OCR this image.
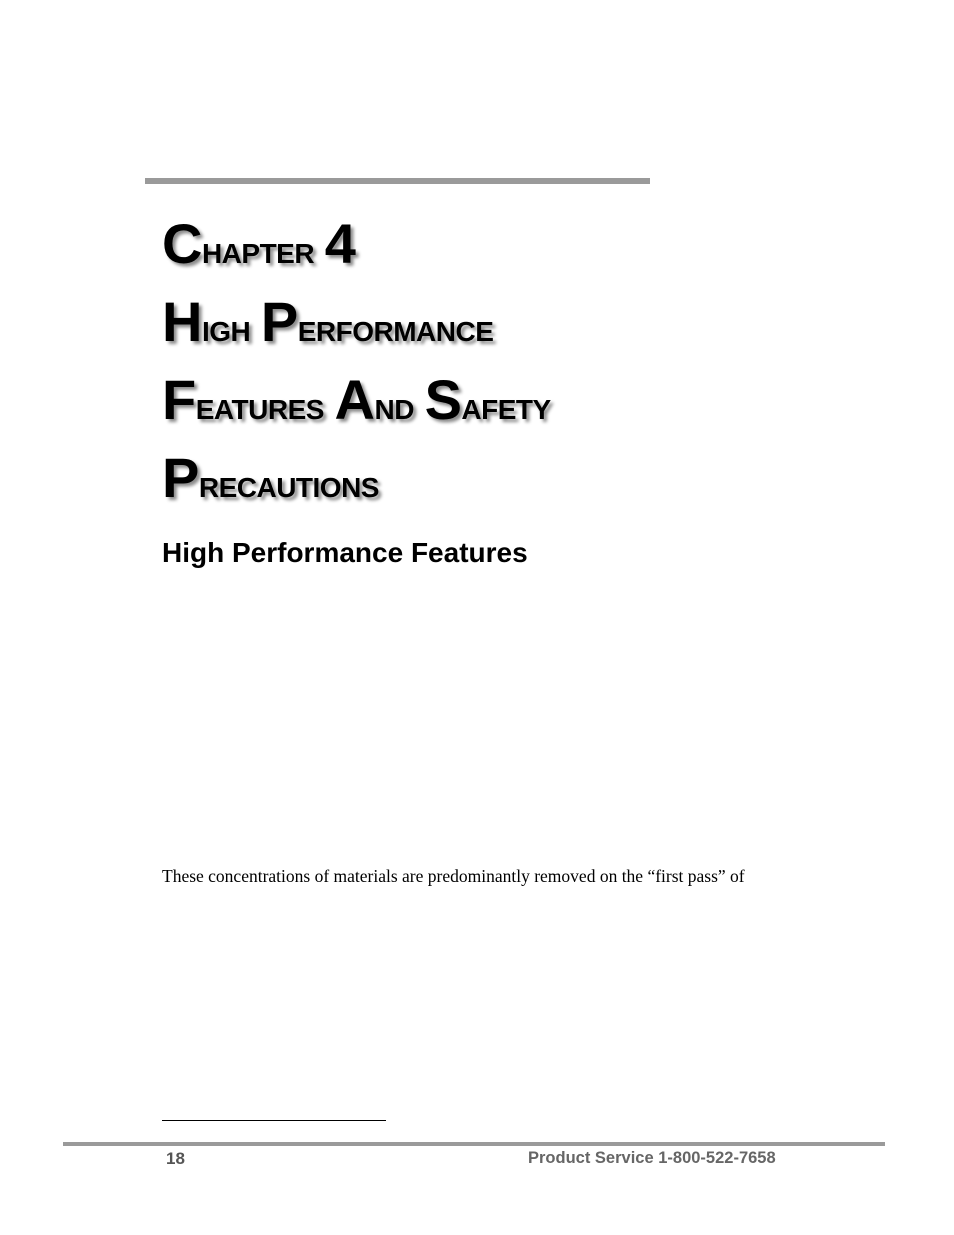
Chapter 4
High Performance
Features And Safety
Precautions
High Performance Features

These concentrations of materials are predominantly removed on the “first pass” of

18	Product Service 1-800-522-7658
